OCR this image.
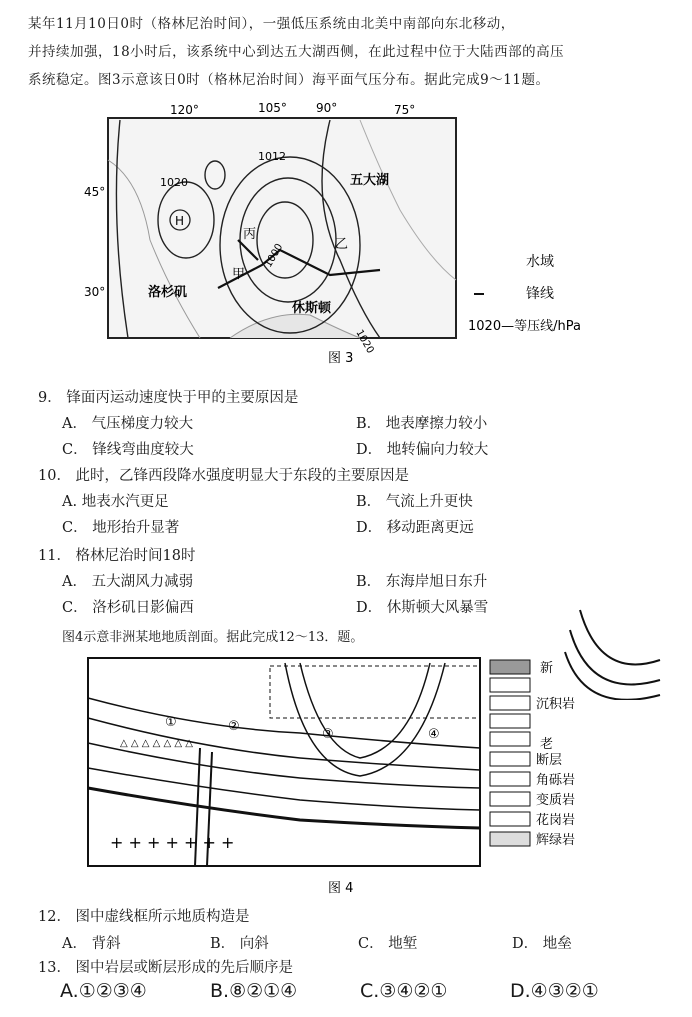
某年11月10日0时（格林尼治时间），一强低压系统由北美中南部向东北移动，
并持续加强，18小时后，该系统中心到达五大湖西侧，在此过程中位于大陆西部的高压
系统稳定。图3示意该日0时（格林尼治时间）海平面气压分布。据此完成9～11题。
120°	105° 90°	75°
45°
30°
1020
1012
1000
1020
H
丙
甲
乙
五大湖
洛杉矶
休斯顿
水域
锋线
1020—等压线/hPa
图 3
9． 锋面丙运动速度快于甲的主要原因是
A． 气压梯度力较大	B． 地表摩擦力较小
C． 锋线弯曲度较大	D． 地转偏向力较大
10． 此时，乙锋西段降水强度明显大于东段的主要原因是
A. 地表水汽更足	B． 气流上升更快
C． 地形抬升显著	D． 移动距离更远
11． 格林尼治时间18时
A． 五大湖风力减弱	B． 东海岸旭日东升
C． 洛杉矶日影偏西	D． 休斯顿大风暴雪
图4示意非洲某地地质剖面。据此完成12～13．题。
+ + + + + + +
△ △ △ △ △ △ △
①	②
③	④
新
沉积岩
老
断层
角砾岩
变质岩
花岗岩
辉绿岩
图 4
12． 图中虚线框所示地质构造是
A． 背斜	B． 向斜	C． 地堑	D． 地垒
13． 图中岩层或断层形成的先后顺序是
A.①②③④	B.⑧②①④	C.③④②①	D.④③②①
